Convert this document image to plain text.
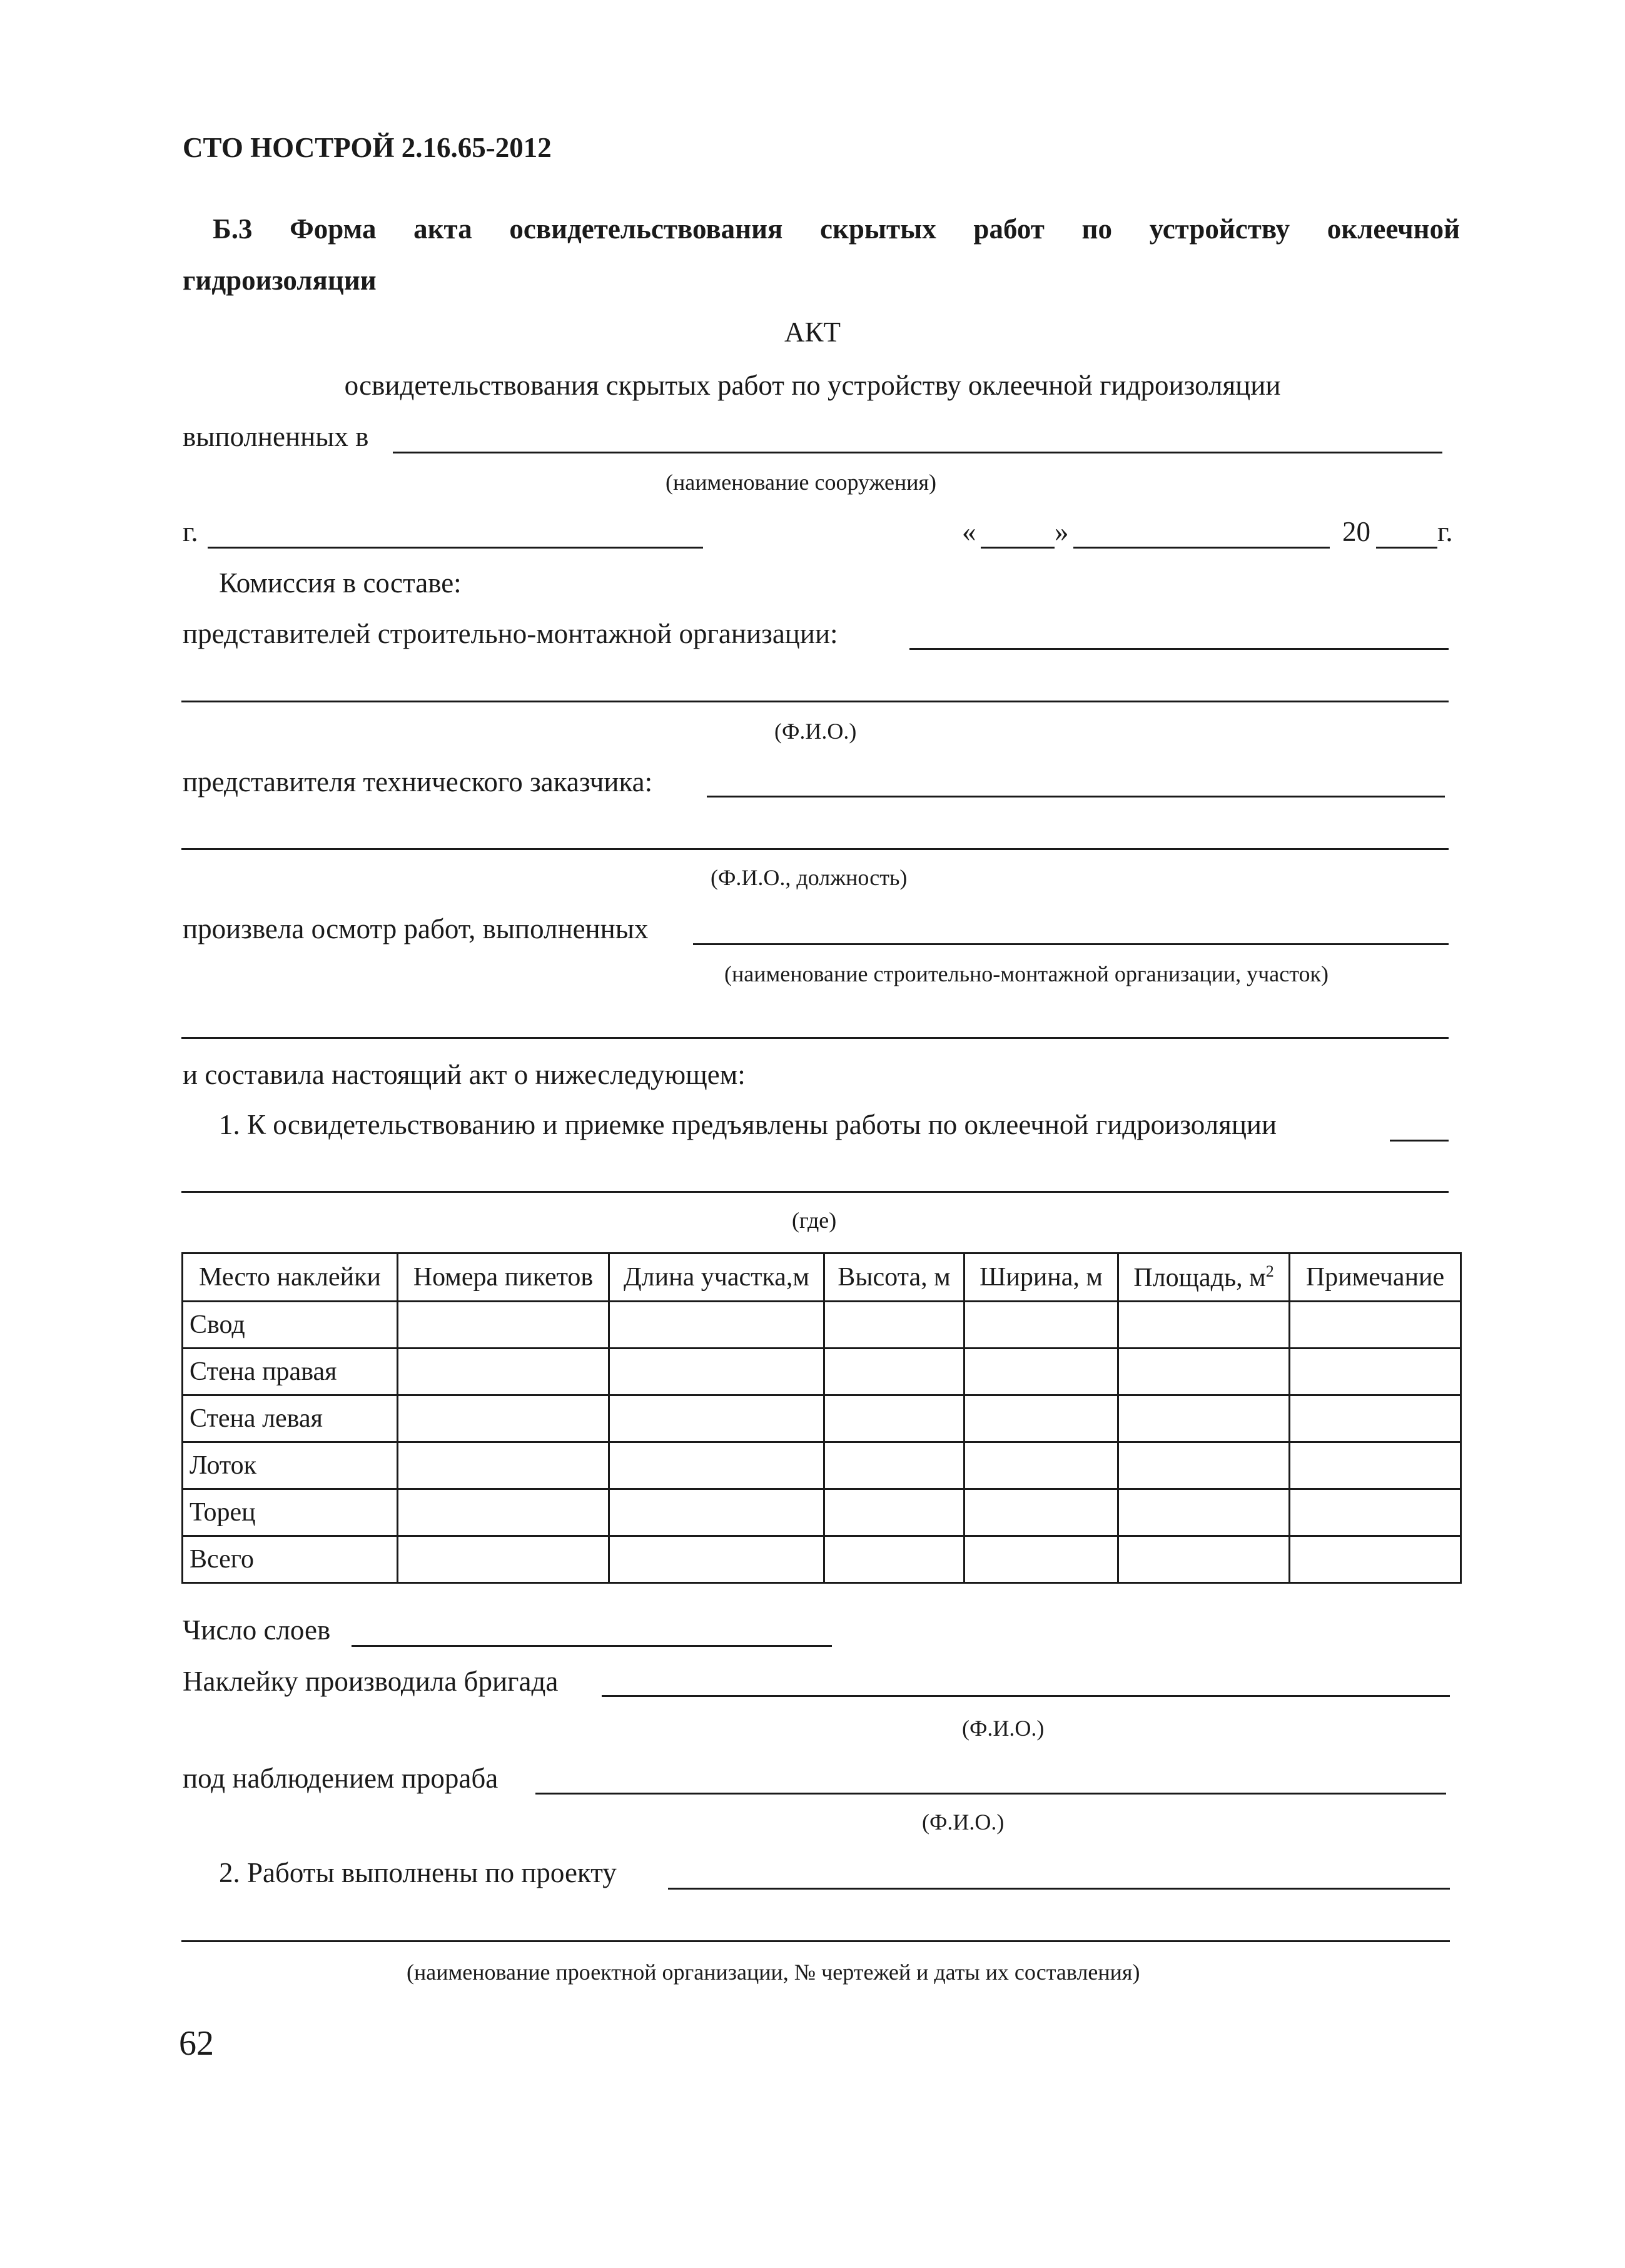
СТО НОСТРОЙ 2.16.65-2012
Б.3 Форма акта освидетельствования скрытых работ по устройству оклеечной
гидроизоляции
АКТ
освидетельствования скрытых работ по устройству оклеечной гидроизоляции
выполненных в
(наименование сооружения)
г.	«	»	20 г.
Комиссия в составе:
представителей строительно-монтажной организации:
(Ф.И.О.)
представителя технического заказчика:
(Ф.И.О., должность)
произвела осмотр работ, выполненных
(наименование строительно-монтажной организации, участок)
и составила настоящий акт о нижеследующем:
1. К освидетельствованию и приемке предъявлены работы по оклеечной гидроизоляции
(где)
Место наклейки	Номера пикетов	Длина участка,м	Высота, м	Ширина, м	Площадь, $м^2$	Примечание
Свод						
Стена правая						
Стена левая						
Лоток						
Торец						
Всего						
Число слоев
Наклейку производила бригада
(Ф.И.О.)
под наблюдением прораба
(Ф.И.О.)
2. Работы выполнены по проекту
(наименование проектной организации, № чертежей и даты их составления)
62
